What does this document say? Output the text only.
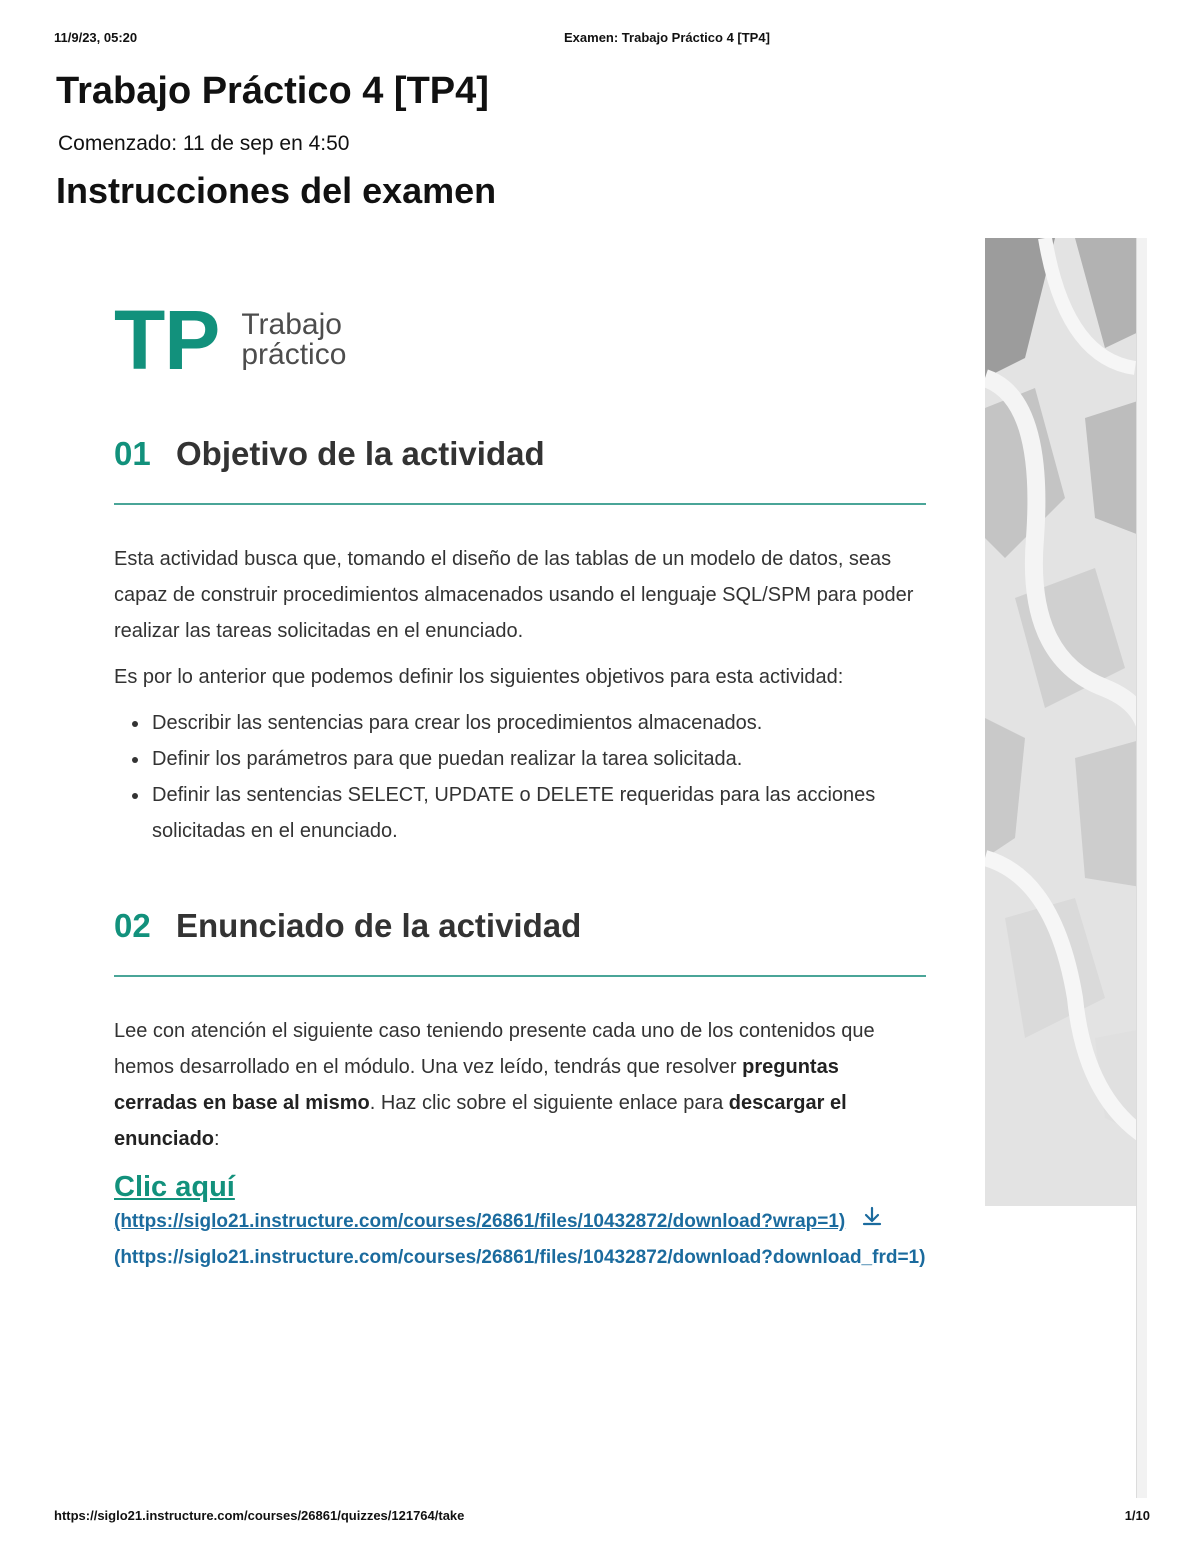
11/9/23, 05:20	Examen: Trabajo Práctico 4 [TP4]
Trabajo Práctico 4 [TP4]
Comenzado: 11 de sep en 4:50
Instrucciones del examen
TP Trabajo
práctico
01 Objetivo de la actividad

Esta actividad busca que, tomando el diseño de las tablas de un modelo de datos, seas capaz de construir procedimientos almacenados usando el lenguaje SQL/SPM para poder realizar las tareas solicitadas en el enunciado.

Es por lo anterior que podemos definir los siguientes objetivos para esta actividad:

• Describir las sentencias para crear los procedimientos almacenados.
• Definir los parámetros para que puedan realizar la tarea solicitada.
• Definir las sentencias SELECT, UPDATE o DELETE requeridas para las acciones solicitadas en el enunciado.
02 Enunciado de la actividad

Lee con atención el siguiente caso teniendo presente cada uno de los contenidos que hemos desarrollado en el módulo. Una vez leído, tendrás que resolver preguntas cerradas en base al mismo. Haz clic sobre el siguiente enlace para descargar el enunciado:

Clic aquí
(https://siglo21.instructure.com/courses/26861/files/10432872/download?wrap=1)
(https://siglo21.instructure.com/courses/26861/files/10432872/download?download_frd=1)
https://siglo21.instructure.com/courses/26861/quizzes/121764/take	1/10
